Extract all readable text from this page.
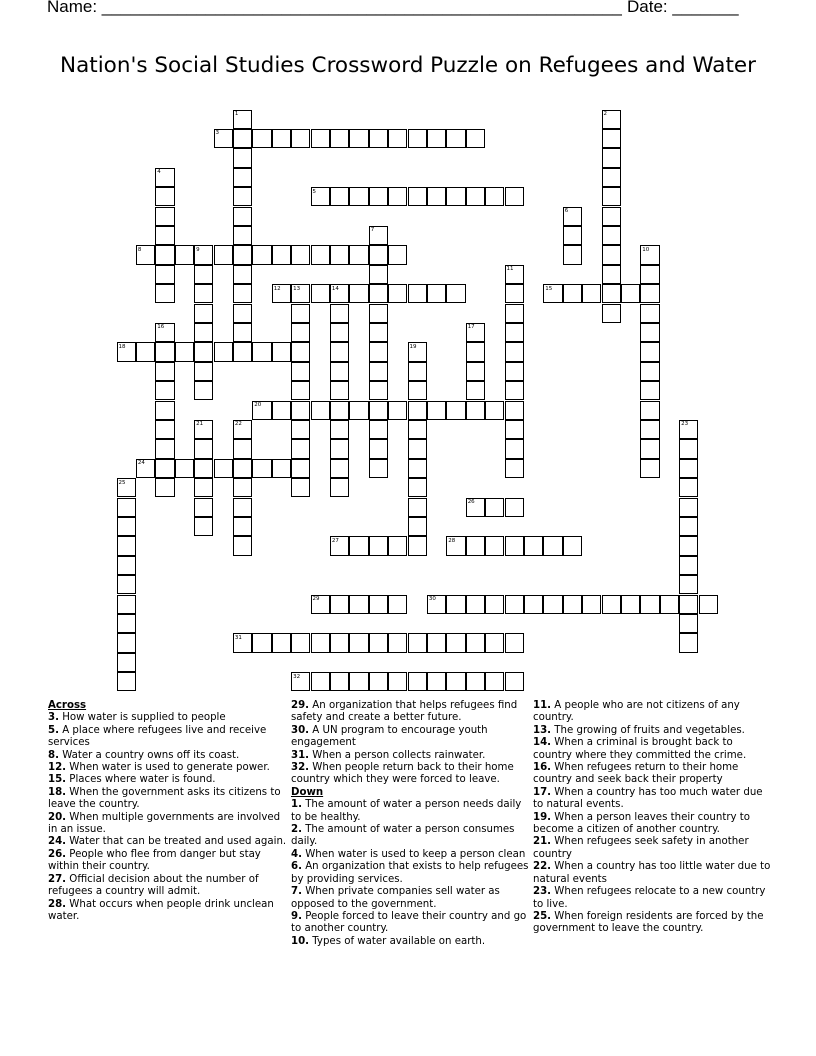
Name: _______________________________________________________ Date: _______
Nation's Social Studies Crossword Puzzle on Refugees and Water
1	2
3
4
5
6
7
8	9	10
11
12 13	14	15
16	17
18	19
20
21	22	23
24
25
26
27	28
29	30
31
32
Across
3. How water is supplied to people
5. A place where refugees live and receive services
8. Water a country owns off its coast.
12. When water is used to generate power.
15. Places where water is found.
18. When the government asks its citizens to leave the country.
20. When multiple governments are involved in an issue.
24. Water that can be treated and used again.
26. People who flee from danger but stay within their country.
27. Official decision about the number of refugees a country will admit.
28. What occurs when people drink unclean water.
29. An organization that helps refugees find safety and create a better future.
30. A UN program to encourage youth engagement
31. When a person collects rainwater.
32. When people return back to their home country which they were forced to leave.
Down
1. The amount of water a person needs daily to be healthy.
2. The amount of water a person consumes daily.
4. When water is used to keep a person clean
6. An organization that exists to help refugees by providing services.
7. When private companies sell water as opposed to the government.
9. People forced to leave their country and go to another country.
10. Types of water available on earth.
11. A people who are not citizens of any country.
13. The growing of fruits and vegetables.
14. When a criminal is brought back to country where they committed the crime.
16. When refugees return to their home country and seek back their property
17. When a country has too much water due to natural events.
19. When a person leaves their country to become a citizen of another country.
21. When refugees seek safety in another country
22. When a country has too little water due to natural events
23. When refugees relocate to a new country to live.
25. When foreign residents are forced by the government to leave the country.
